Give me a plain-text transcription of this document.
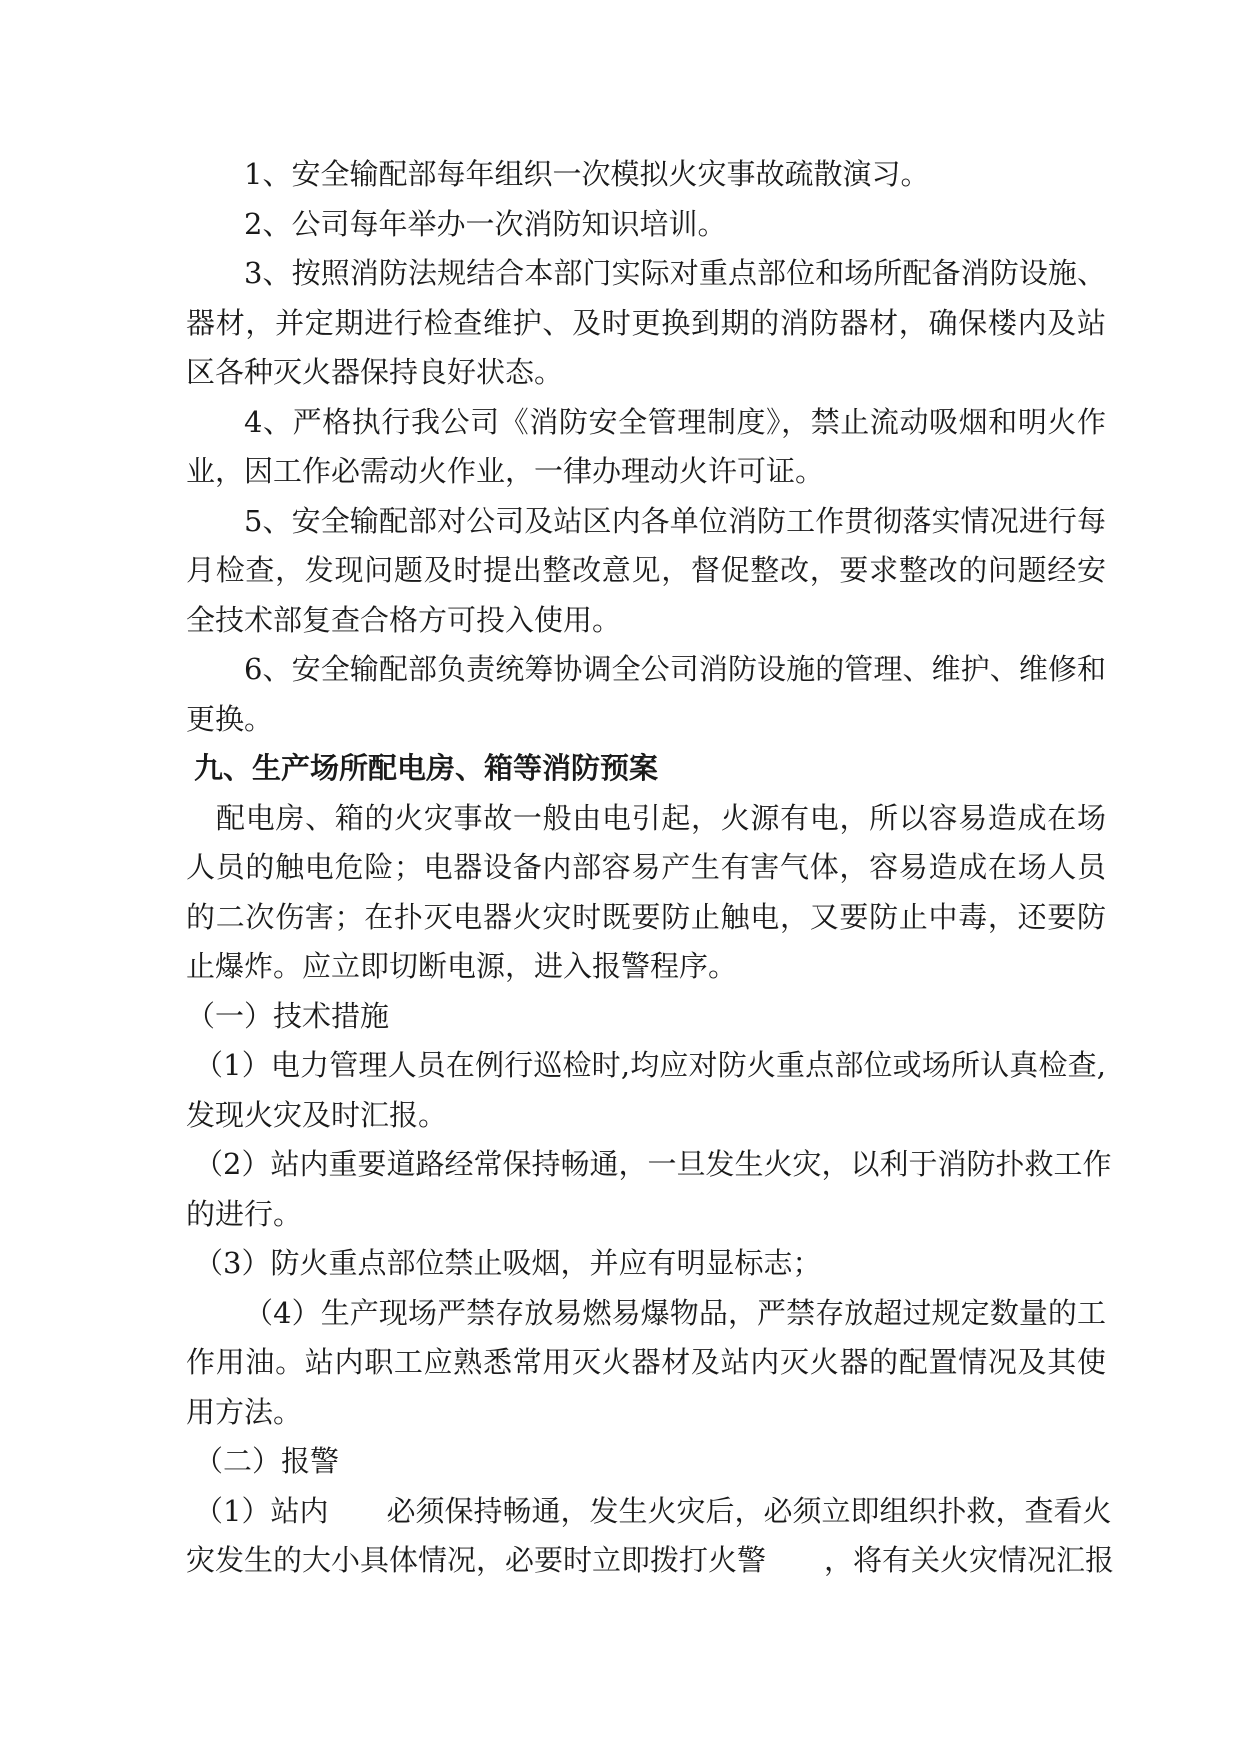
1、安全输配部每年组织一次模拟火灾事故疏散演习。

2、公司每年举办一次消防知识培训。

3、按照消防法规结合本部门实际对重点部位和场所配备消防设施、

器材，并定期进行检查维护、及时更换到期的消防器材，确保楼内及站

区各种灭火器保持良好状态。

4、严格执行我公司《消防安全管理制度》，禁止流动吸烟和明火作

业，因工作必需动火作业，一律办理动火许可证。

5、安全输配部对公司及站区内各单位消防工作贯彻落实情况进行每

月检查，发现问题及时提出整改意见，督促整改，要求整改的问题经安

全技术部复查合格方可投入使用。

6、安全输配部负责统筹协调全公司消防设施的管理、维护、维修和

更换。

九、生产场所配电房、箱等消防预案

配电房、箱的火灾事故一般由电引起，火源有电，所以容易造成在场

人员的触电危险；电器设备内部容易产生有害气体，容易造成在场人员

的二次伤害；在扑灭电器火灾时既要防止触电，又要防止中毒，还要防

止爆炸。应立即切断电源，进入报警程序。

（一）技术措施

（1）电力管理人员在例行巡检时,均应对防火重点部位或场所认真检查,

发现火灾及时汇报。

（2）站内重要道路经常保持畅通，一旦发生火灾，以利于消防扑救工作

的进行。

（3）防火重点部位禁止吸烟，并应有明显标志；

（4）生产现场严禁存放易燃易爆物品，严禁存放超过规定数量的工

作用油。站内职工应熟悉常用灭火器材及站内灭火器的配置情况及其使

用方法。

（二）报警

（1）站内　　必须保持畅通，发生火灾后，必须立即组织扑救，查看火

灾发生的大小具体情况，必要时立即拨打火警　　，将有关火灾情况汇报
